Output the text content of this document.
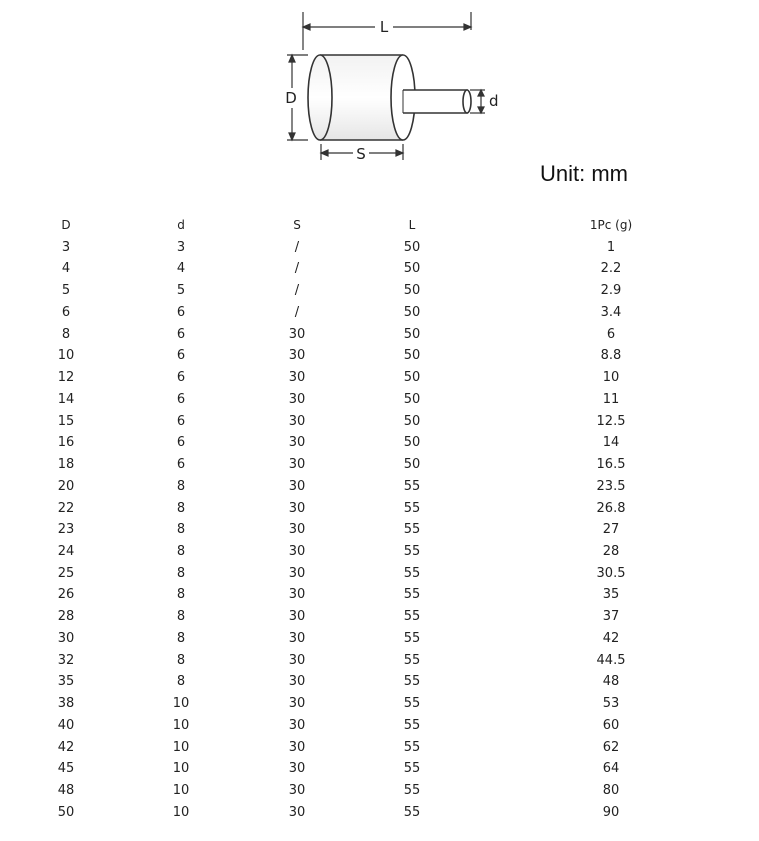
L
D	d
S
Unit: mm
D	d	S	L	1Pc (g)
3	3	/	50	1
4	4	/	50	2.2
5	5	/	50	2.9
6	6	/	50	3.4
8	6	30	50	6
10	6	30	50	8.8
12	6	30	50	10
14	6	30	50	11
15	6	30	50	12.5
16	6	30	50	14
18	6	30	50	16.5
20	8	30	55	23.5
22	8	30	55	26.8
23	8	30	55	27
24	8	30	55	28
25	8	30	55	30.5
26	8	30	55	35
28	8	30	55	37
30	8	30	55	42
32	8	30	55	44.5
35	8	30	55	48
38	10	30	55	53
40	10	30	55	60
42	10	30	55	62
45	10	30	55	64
48	10	30	55	80
50	10	30	55	90
